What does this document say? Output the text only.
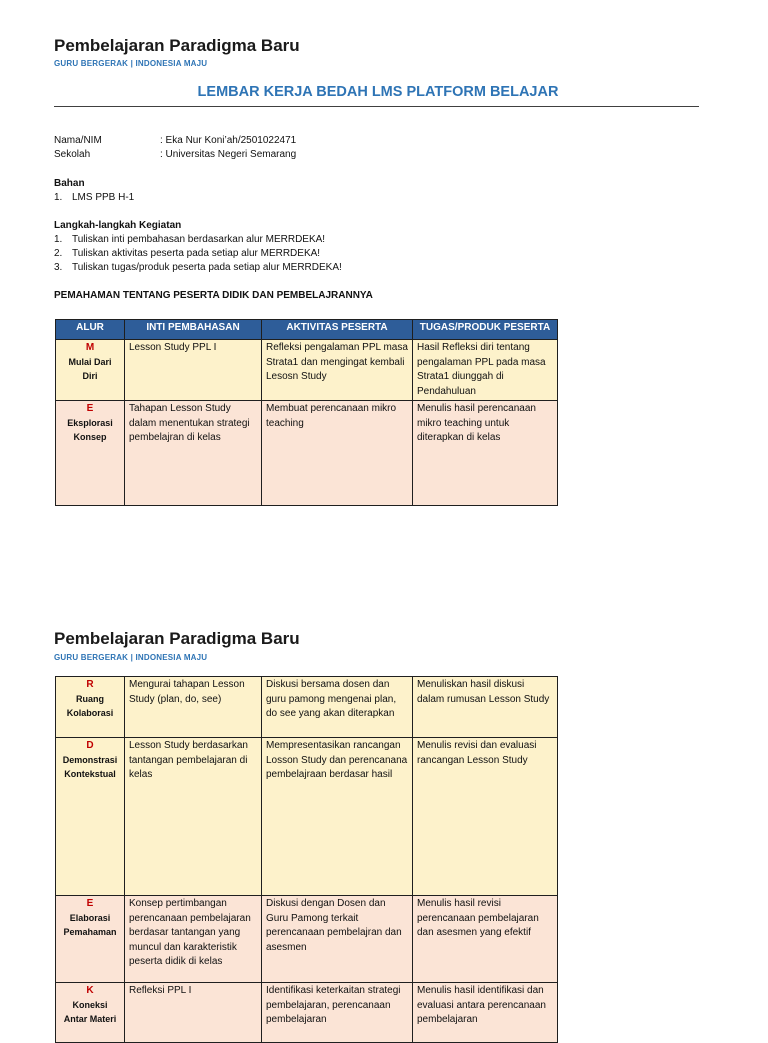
Pembelajaran Paradigma Baru
GURU BERGERAK | INDONESIA MAJU
LEMBAR KERJA BEDAH LMS PLATFORM BELAJAR
Nama/NIM	: Eka Nur Koni’ah/2501022471
Sekolah	: Universitas Negeri Semarang
Bahan
1. LMS PPB H-1
Langkah-langkah Kegiatan
1. Tuliskan inti pembahasan berdasarkan alur MERRDEKA!
2. Tuliskan aktivitas peserta pada setiap alur MERRDEKA!
3. Tuliskan tugas/produk peserta pada setiap alur MERRDEKA!
PEMAHAMAN TENTANG PESERTA DIDIK DAN PEMBELAJRANNYA
ALUR	INTI PEMBAHASAN	AKTIVITAS PESERTA	TUGAS/PRODUK PESERTA

M
Mulai Dari Diri	Lesson Study PPL I	Refleksi pengalaman PPL masa Strata1 dan mengingat kembali Lesosn Study	Hasil Refleksi diri tentang pengalaman PPL pada masa Strata1 diunggah di Pendahuluan

E
Eksplorasi Konsep	Tahapan Lesson Study dalam menentukan strategi pembelajran di kelas	Membuat perencanaan mikro teaching	Menulis hasil perencanaan mikro teaching untuk diterapkan di kelas
Pembelajaran Paradigma Baru
GURU BERGERAK | INDONESIA MAJU
R
Ruang Kolaborasi	Mengurai tahapan Lesson Study (plan, do, see)	Diskusi bersama dosen dan guru pamong mengenai plan, do see yang akan diterapkan	Menuliskan hasil diskusi dalam rumusan Lesson Study

D
Demonstrasi Kontekstual	Lesson Study berdasarkan tantangan pembelajaran di kelas	Mempresentasikan rancangan Losson Study dan perencanana pembelajraan berdasar hasil	Menulis revisi dan evaluasi rancangan Lesson Study

E
Elaborasi Pemahaman	Konsep pertimbangan perencanaan pembelajaran berdasar tantangan yang muncul dan karakteristik peserta didik di kelas	Diskusi dengan Dosen dan Guru Pamong terkait perencanaan pembelajran dan asesmen	Menulis hasil revisi perencanaan pembelajaran dan asesmen yang efektif

K
Koneksi Antar Materi	Refleksi PPL I	Identifikasi keterkaitan strategi pembelajaran, perencanaan pembelajaran	Menulis hasil identifikasi dan evaluasi antara perencanaan pembelajaran
